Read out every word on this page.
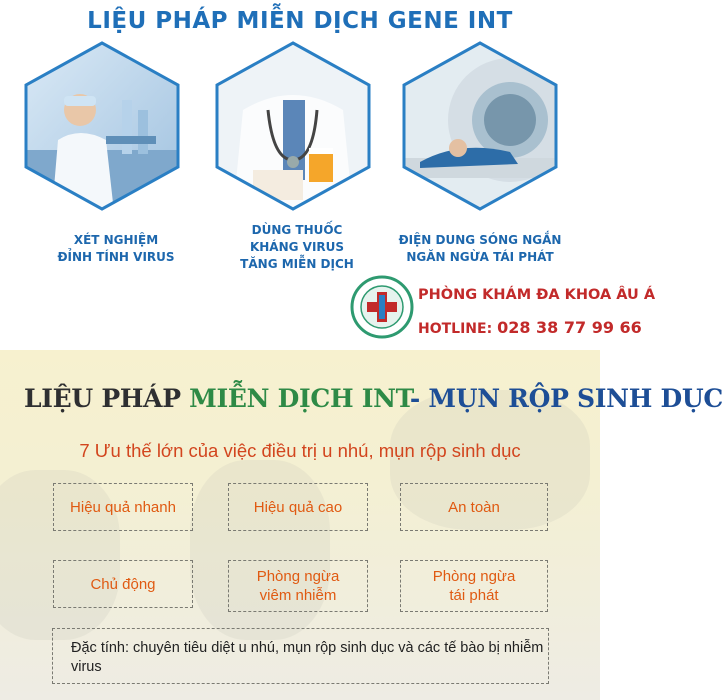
LIỆU PHÁP MIỄN DỊCH GENE INT
XÉT NGHIỆM
ĐỈNH TÍNH VIRUS
DÙNG THUỐC
KHÁNG VIRUS
TĂNG MIỄN DỊCH
ĐIỆN DUNG SÓNG NGẮN
NGĂN NGỪA TÁI PHÁT
PHÒNG KHÁM ĐA KHOA ÂU Á
HOTLINE: 028 38 77 99 66
LIỆU PHÁP MIỄN DỊCH INT- MỤN RỘP SINH DỤC
7 Ưu thế lớn của việc điều trị u nhú, mụn rộp sinh dục
Hiệu quả nhanh	Hiệu quả cao	An toàn
Chủ động	Phòng ngừa
viêm nhiễm
Phòng ngừa
tái phát
Đặc tính: chuyên tiêu diệt u nhú, mụn rộp sinh dục và các tế bào bị nhiễm virus
